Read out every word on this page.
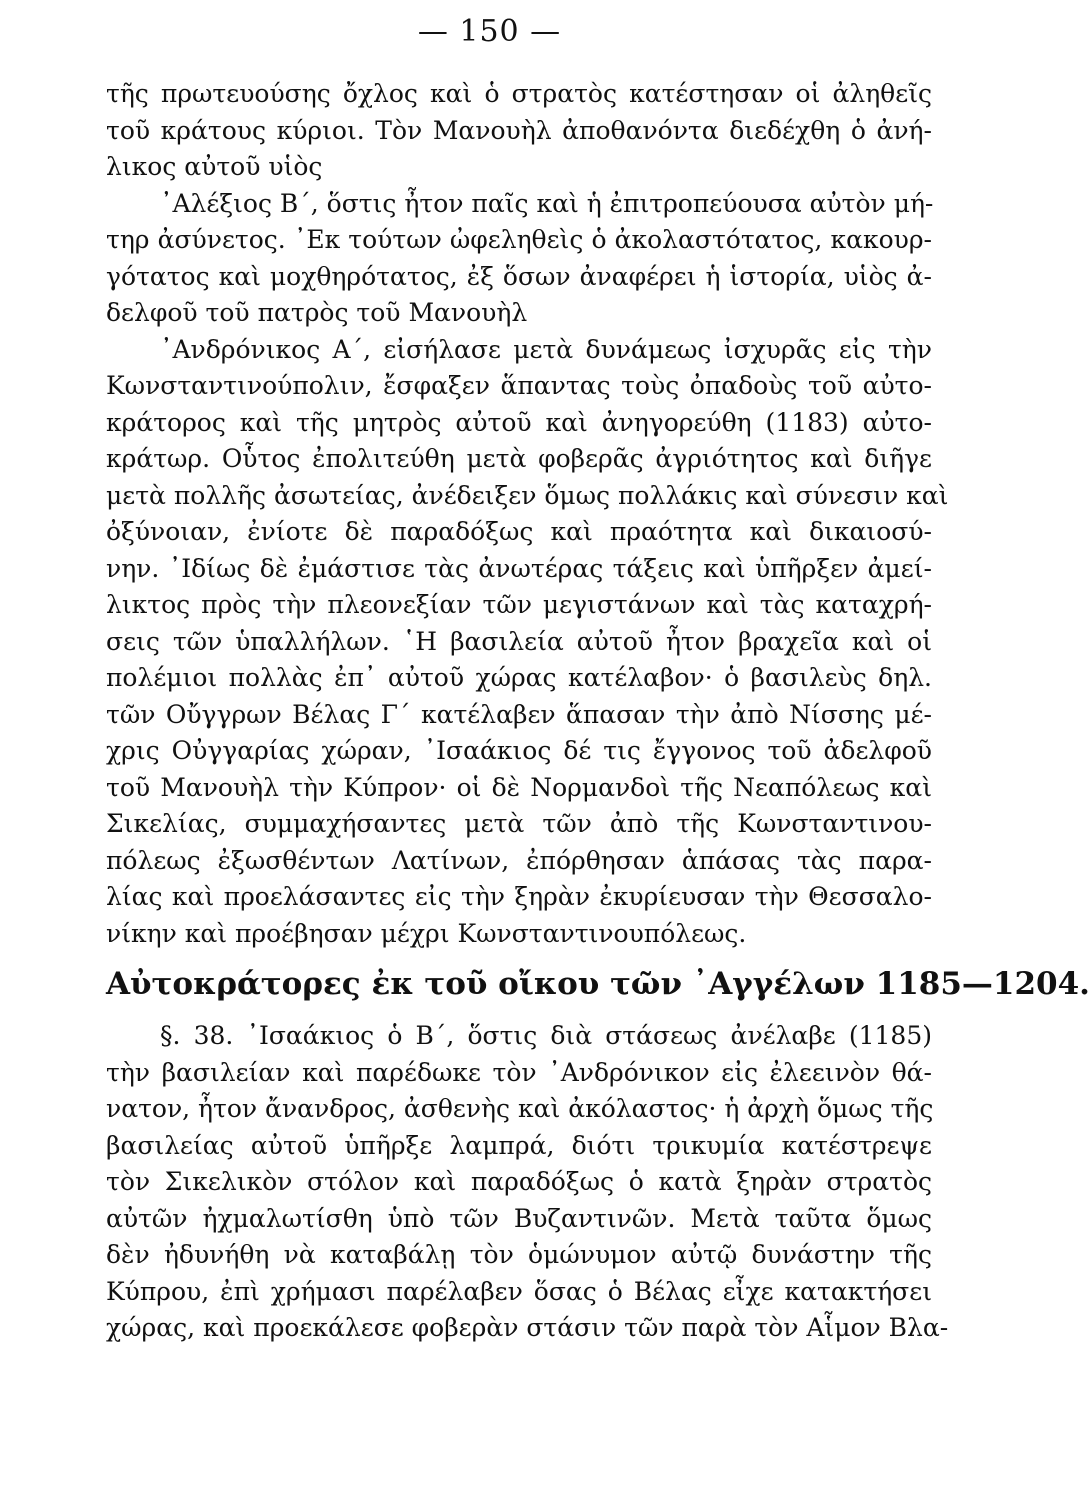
— 150 —
τῆς πρωτευούσης ὄχλος καὶ ὁ στρατὸς κατέστησαν οἱ ἀληθεῖς
τοῦ κράτους κύριοι. Τὸν Μανουὴλ ἀποθανόντα διεδέχθη ὁ ἀνή-
λικος αὐτοῦ υἱὸς
᾽Αλέξιος Β΄, ὅστις ἦτον παῖς καὶ ἡ ἐπιτροπεύουσα αὐτὸν μή-
τηρ ἀσύνετος. ᾽Εκ τούτων ὠφεληθεὶς ὁ ἀκολαστότατος, κακουρ-
γότατος καὶ μοχθηρότατος, ἐξ ὅσων ἀναφέρει ἡ ἱστορία, υἱὸς ἀ-
δελφοῦ τοῦ πατρὸς τοῦ Μανουὴλ
᾽Ανδρόνικος Α΄, εἰσήλασε μετὰ δυνάμεως ἰσχυρᾶς εἰς τὴν
Κωνσταντινούπολιν, ἔσφαξεν ἅπαντας τοὺς ὀπαδοὺς τοῦ αὐτο-
κράτορος καὶ τῆς μητρὸς αὐτοῦ καὶ ἀνηγορεύθη (1183) αὐτο-
κράτωρ. Οὗτος ἐπολιτεύθη μετὰ φοβερᾶς ἀγριότητος καὶ διῆγε
μετὰ πολλῆς ἀσωτείας, ἀνέδειξεν ὅμως πολλάκις καὶ σύνεσιν καὶ
ὀξύνοιαν, ἐνίοτε δὲ παραδόξως καὶ πραότητα καὶ δικαιοσύ-
νην. ᾽Ιδίως δὲ ἐμάστισε τὰς ἀνωτέρας τάξεις καὶ ὑπῆρξεν ἀμεί-
λικτος πρὸς τὴν πλεονεξίαν τῶν μεγιστάνων καὶ τὰς καταχρή-
σεις τῶν ὑπαλλήλων. ῾Η βασιλεία αὐτοῦ ἦτον βραχεῖα καὶ οἱ
πολέμιοι πολλὰς ἐπ᾽ αὐτοῦ χώρας κατέλαβον· ὁ βασιλεὺς δηλ.
τῶν Οὔγγρων Βέλας Γ΄ κατέλαβεν ἅπασαν τὴν ἀπὸ Νίσσης μέ-
χρις Οὐγγαρίας χώραν, ᾽Ισαάκιος δέ τις ἔγγονος τοῦ ἀδελφοῦ
τοῦ Μανουὴλ τὴν Κύπρον· οἱ δὲ Νορμανδοὶ τῆς Νεαπόλεως καὶ
Σικελίας, συμμαχήσαντες μετὰ τῶν ἀπὸ τῆς Κωνσταντινου-
πόλεως ἐξωσθέντων Λατίνων, ἐπόρθησαν ἁπάσας τὰς παρα-
λίας καὶ προελάσαντες εἰς τὴν ξηρὰν ἐκυρίευσαν τὴν Θεσσαλο-
νίκην καὶ προέβησαν μέχρι Κωνσταντινουπόλεως.
Αὐτοκράτορες ἐκ τοῦ οἴκου τῶν ᾽Αγγέλων 1185—1204.
§. 38. ᾽Ισαάκιος ὁ Β΄, ὅστις διὰ στάσεως ἀνέλαβε (1185)
τὴν βασιλείαν καὶ παρέδωκε τὸν ᾽Ανδρόνικον εἰς ἐλεεινὸν θά-
νατον, ἦτον ἄνανδρος, ἀσθενὴς καὶ ἀκόλαστος· ἡ ἀρχὴ ὅμως τῆς
βασιλείας αὐτοῦ ὑπῆρξε λαμπρά, διότι τρικυμία κατέστρεψε
τὸν Σικελικὸν στόλον καὶ παραδόξως ὁ κατὰ ξηρὰν στρατὸς
αὐτῶν ἠχμαλωτίσθη ὑπὸ τῶν Βυζαντινῶν. Μετὰ ταῦτα ὅμως
δὲν ἠδυνήθη νὰ καταβάλῃ τὸν ὁμώνυμον αὐτῷ δυνάστην τῆς
Κύπρου, ἐπὶ χρήμασι παρέλαβεν ὅσας ὁ Βέλας εἶχε κατακτήσει
χώρας, καὶ προεκάλεσε φοβερὰν στάσιν τῶν παρὰ τὸν Αἷμον Βλα-
